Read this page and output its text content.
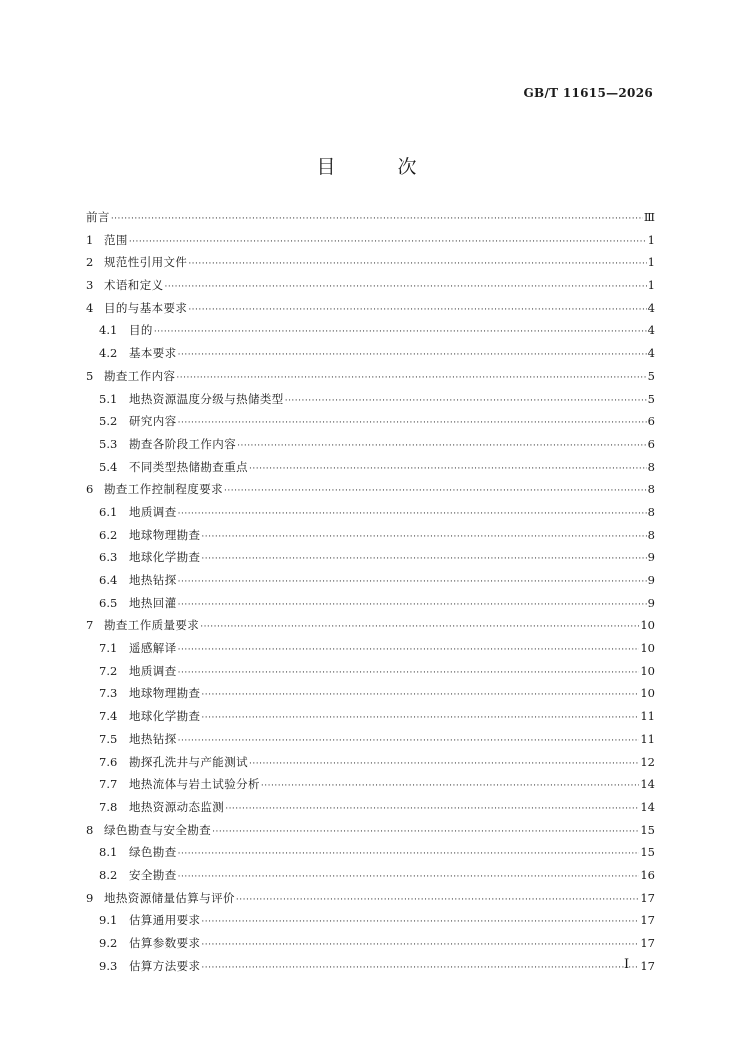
GB/T 11615—2026
目 次
前言 ·····	Ⅲ
1 范围 ·····	1
2 规范性引用文件 ·····	1
3 术语和定义 ·····	1
4 目的与基本要求 ·····	4
4.1	目的 ·····	4
4.2	基本要求 ·····	4
5 勘查工作内容 ·····	5
5.1	地热资源温度分级与热储类型 ·····	5
5.2	研究内容 ·····	6
5.3	勘查各阶段工作内容 ·····	6
5.4	不同类型热储勘查重点 ·····	8
6 勘查工作控制程度要求 ·····	8
6.1	地质调查 ·····	8
6.2	地球物理勘查 ·····	8
6.3	地球化学勘查 ·····	9
6.4	地热钻探 ·····	9
6.5	地热回灌 ·····	9
7 勘查工作质量要求 ·····	10
7.1	遥感解译 ·····	10
7.2	地质调查 ·····	10
7.3	地球物理勘查 ·····	10
7.4	地球化学勘查 ·····	11
7.5	地热钻探 ·····	11
7.6	勘探孔洗井与产能测试 ·····	12
7.7	地热流体与岩土试验分析 ·····	14
7.8	地热资源动态监测 ·····	14
8 绿色勘查与安全勘查 ·····	15
8.1	绿色勘查 ·····	15
8.2	安全勘查 ·····	16
9 地热资源储量估算与评价 ·····	17
9.1	估算通用要求 ·····	17
9.2	估算参数要求 ·····	17
9.3	估算方法要求 ·····	17
I
